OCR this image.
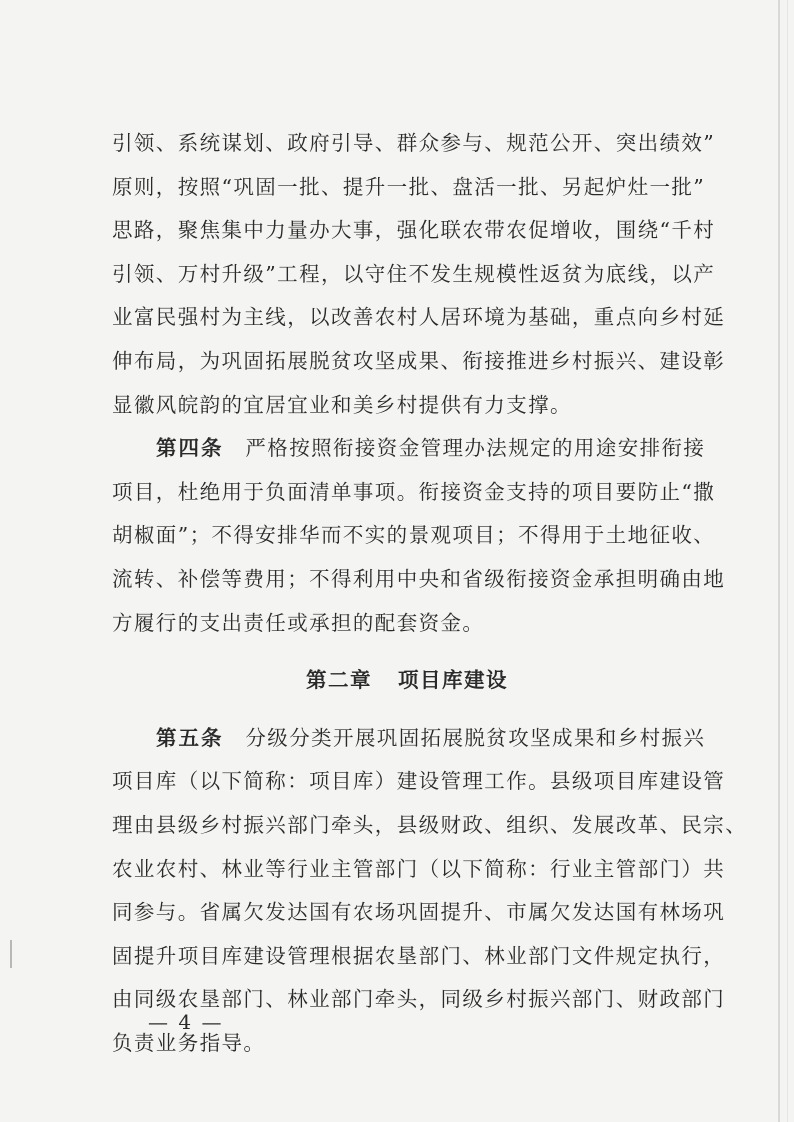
引领、系统谋划、政府引导、群众参与、规范公开、突出绩效”
原则，按照“巩固一批、提升一批、盘活一批、另起炉灶一批”
思路，聚焦集中力量办大事，强化联农带农促增收，围绕“千村
引领、万村升级”工程，以守住不发生规模性返贫为底线，以产
业富民强村为主线，以改善农村人居环境为基础，重点向乡村延
伸布局，为巩固拓展脱贫攻坚成果、衔接推进乡村振兴、建设彰
显徽风皖韵的宜居宜业和美乡村提供有力支撑。

第四条  严格按照衔接资金管理办法规定的用途安排衔接
项目，杜绝用于负面清单事项。衔接资金支持的项目要防止“撒
胡椒面”；不得安排华而不实的景观项目；不得用于土地征收、
流转、补偿等费用；不得利用中央和省级衔接资金承担明确由地
方履行的支出责任或承担的配套资金。

第二章 项目库建设

第五条  分级分类开展巩固拓展脱贫攻坚成果和乡村振兴
项目库（以下简称：项目库）建设管理工作。县级项目库建设管
理由县级乡村振兴部门牵头，县级财政、组织、发展改革、民宗、
农业农村、林业等行业主管部门（以下简称：行业主管部门）共
同参与。省属欠发达国有农场巩固提升、市属欠发达国有林场巩
固提升项目库建设管理根据农垦部门、林业部门文件规定执行，
由同级农垦部门、林业部门牵头，同级乡村振兴部门、财政部门
负责业务指导。

— 4 —
